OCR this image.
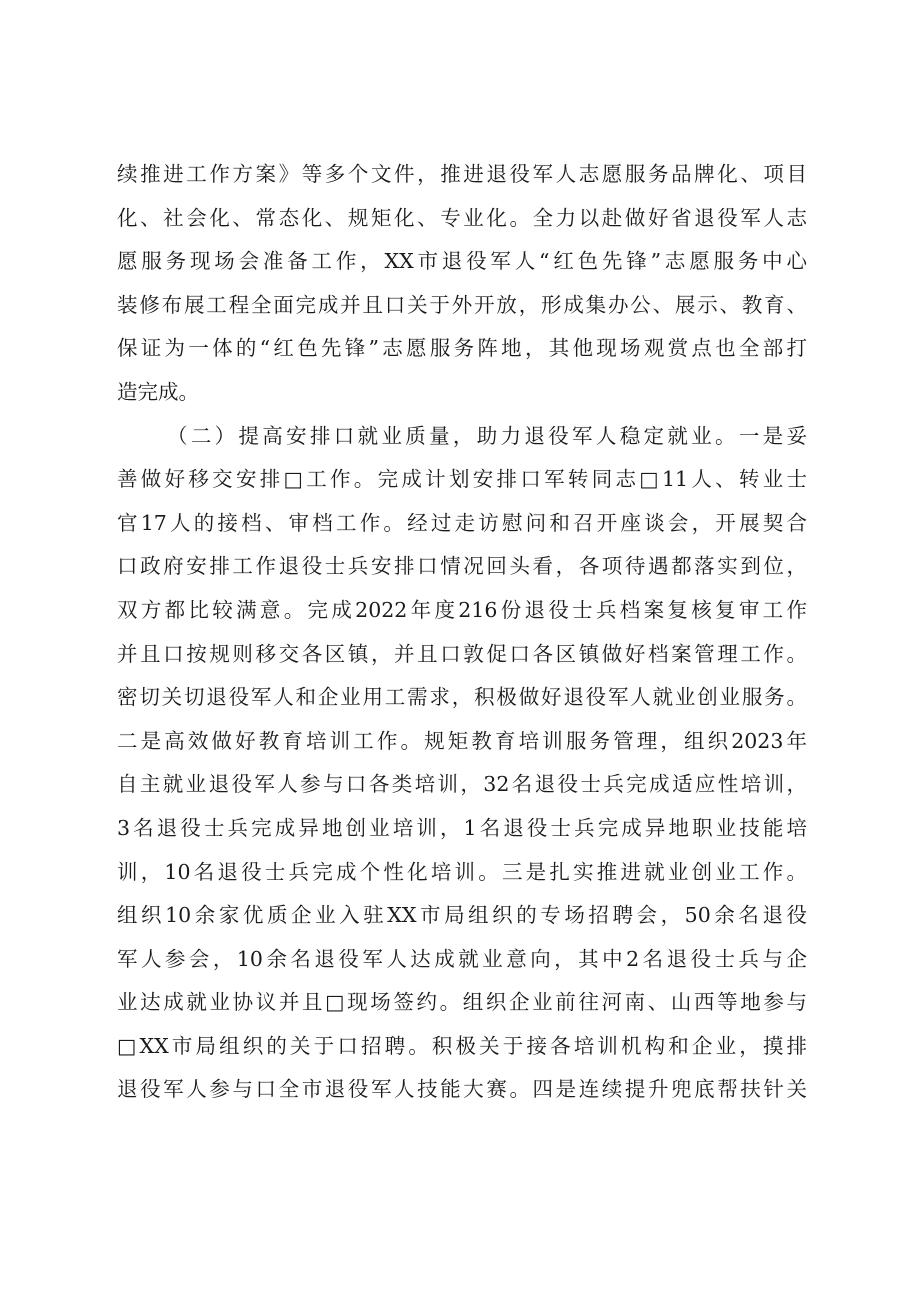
续推进工作方案》等多个文件，推进退役军人志愿服务品牌化、项目
化、社会化、常态化、规矩化、专业化。全力以赴做好省退役军人志
愿服务现场会准备工作，XX市退役军人“红色先锋”志愿服务中心
装修布展工程全面完成并且口关于外开放，形成集办公、展示、教育、
保证为一体的“红色先锋”志愿服务阵地，其他现场观赏点也全部打
造完成。
（二）提高安排口就业质量，助力退役军人稳定就业。一是妥
善做好移交安排□工作。完成计划安排口军转同志□11人、转业士
官17人的接档、审档工作。经过走访慰问和召开座谈会，开展契合
口政府安排工作退役士兵安排口情况回头看，各项待遇都落实到位，
双方都比较满意。完成2022年度216份退役士兵档案复核复审工作
并且口按规则移交各区镇，并且口敦促口各区镇做好档案管理工作。
密切关切退役军人和企业用工需求，积极做好退役军人就业创业服务。
二是高效做好教育培训工作。规矩教育培训服务管理，组织2023年
自主就业退役军人参与口各类培训，32名退役士兵完成适应性培训，
3名退役士兵完成异地创业培训，1名退役士兵完成异地职业技能培
训，10名退役士兵完成个性化培训。三是扎实推进就业创业工作。
组织10余家优质企业入驻XX市局组织的专场招聘会，50余名退役
军人参会，10余名退役军人达成就业意向，其中2名退役士兵与企
业达成就业协议并且□现场签约。组织企业前往河南、山西等地参与
□XX市局组织的关于口招聘。积极关于接各培训机构和企业，摸排
退役军人参与口全市退役军人技能大赛。四是连续提升兜底帮扶针关
